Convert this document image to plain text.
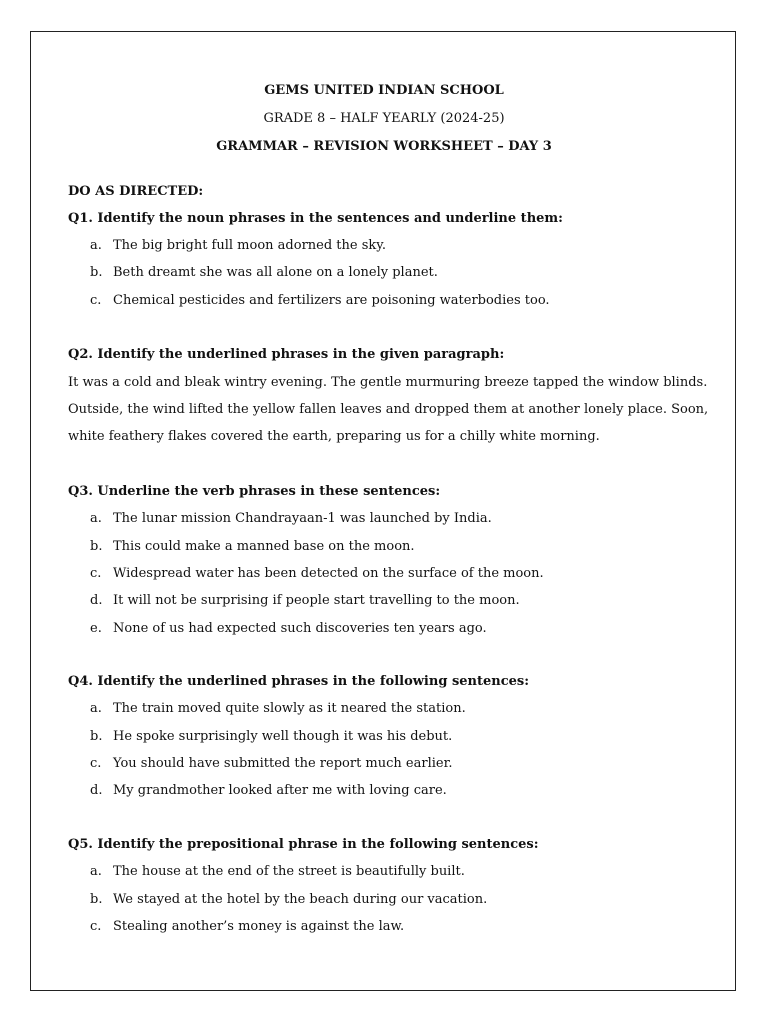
GEMS UNITED INDIAN SCHOOL
GRADE 8 – HALF YEARLY (2024-25)
GRAMMAR – REVISION WORKSHEET – DAY 3
DO AS DIRECTED:
Q1. Identify the noun phrases in the sentences and underline them:
a. The big bright full moon adorned the sky.
b. Beth dreamt she was all alone on a lonely planet.
c. Chemical pesticides and fertilizers are poisoning waterbodies too.
Q2. Identify the underlined phrases in the given paragraph:
It was a cold and bleak wintry evening. The gentle murmuring breeze tapped the window blinds.
Outside, the wind lifted the yellow fallen leaves and dropped them at another lonely place. Soon,
white feathery flakes covered the earth, preparing us for a chilly white morning.
Q3. Underline the verb phrases in these sentences:
a. The lunar mission Chandrayaan-1 was launched by India.
b. This could make a manned base on the moon.
c. Widespread water has been detected on the surface of the moon.
d. It will not be surprising if people start travelling to the moon.
e. None of us had expected such discoveries ten years ago.
Q4. Identify the underlined phrases in the following sentences:
a. The train moved quite slowly as it neared the station.
b. He spoke surprisingly well though it was his debut.
c. You should have submitted the report much earlier.
d. My grandmother looked after me with loving care.
Q5. Identify the prepositional phrase in the following sentences:
a. The house at the end of the street is beautifully built.
b. We stayed at the hotel by the beach during our vacation.
c. Stealing another’s money is against the law.
